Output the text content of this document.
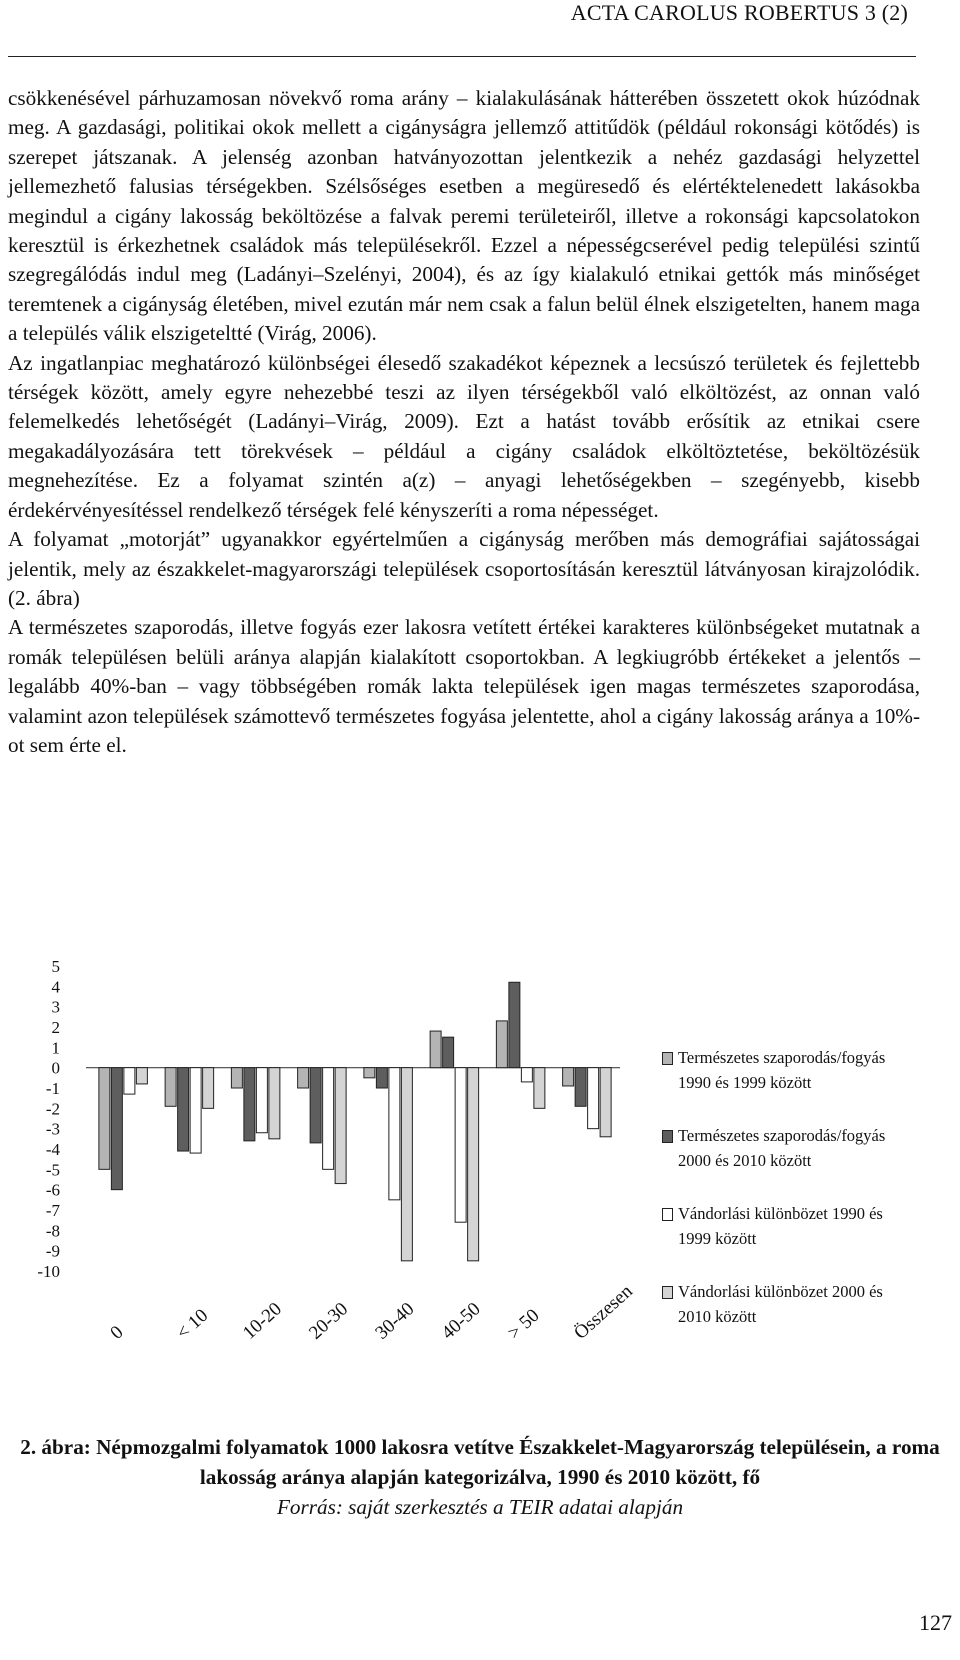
ACTA CAROLUS ROBERTUS 3 (2)

csökkenésével párhuzamosan növekvő roma arány – kialakulásának hátterében összetett okok húzódnak meg. A gazdasági, politikai okok mellett a cigányságra jellemző attitűdök (például rokonsági kötődés) is szerepet játszanak. A jelenség azonban hatványozottan jelentkezik a nehéz gazdasági helyzettel jellemezhető falusias térségekben. Szélsőséges esetben a megüresedő és elértéktelenedett lakásokba megindul a cigány lakosság beköltözése a falvak peremi területeiről, illetve a rokonsági kapcsolatokon keresztül is érkezhetnek családok más településekről. Ezzel a népességcserével pedig települési szintű szegregálódás indul meg (Ladányi–Szelényi, 2004), és az így kialakuló etnikai gettók más minőséget teremtenek a cigányság életében, mivel ezután már nem csak a falun belül élnek elszigetelten, hanem maga a település válik elszigeteltté (Virág, 2006).

Az ingatlanpiac meghatározó különbségei élesedő szakadékot képeznek a lecsúszó területek és fejlettebb térségek között, amely egyre nehezebbé teszi az ilyen térségekből való elköltözést, az onnan való felemelkedés lehetőségét (Ladányi–Virág, 2009). Ezt a hatást tovább erősítik az etnikai csere megakadályozására tett törekvések – például a cigány családok elköltöztetése, beköltözésük megnehezítése. Ez a folyamat szintén a(z) – anyagi lehetőségekben – szegényebb, kisebb érdekérvényesítéssel rendelkező térségek felé kényszeríti a roma népességet.

A folyamat „motorját” ugyanakkor egyértelműen a cigányság merőben más demográfiai sajátosságai jelentik, mely az északkelet-magyarországi települések csoportosításán keresztül látványosan kirajzolódik. (2. ábra)

A természetes szaporodás, illetve fogyás ezer lakosra vetített értékei karakteres különbségeket mutatnak a romák településen belüli aránya alapján kialakított csoportokban. A legkiugróbb értékeket a jelentős – legalább 40%-ban – vagy többségében romák lakta települések igen magas természetes szaporodása, valamint azon települések számottevő természetes fogyása jelentette, ahol a cigány lakosság aránya a 10%-ot sem érte el.

5
4
3
2
1
0
-1
-2
-3
-4
-5
-6
-7
-8
-9
-10
0 < 10 10-20 20-30 30-40 40-50 > 50 Összesen
Természetes szaporodás/fogyás
1990 és 1999 között
Természetes szaporodás/fogyás
2000 és 2010 között
Vándorlási különbözet 1990 és
1999 között
Vándorlási különbözet 2000 és
2010 között
2. ábra: Népmozgalmi folyamatok 1000 lakosra vetítve Északkelet-Magyarország településein, a roma lakosság aránya alapján kategorizálva, 1990 és 2010 között, fő
Forrás: saját szerkesztés a TEIR adatai alapján
127
